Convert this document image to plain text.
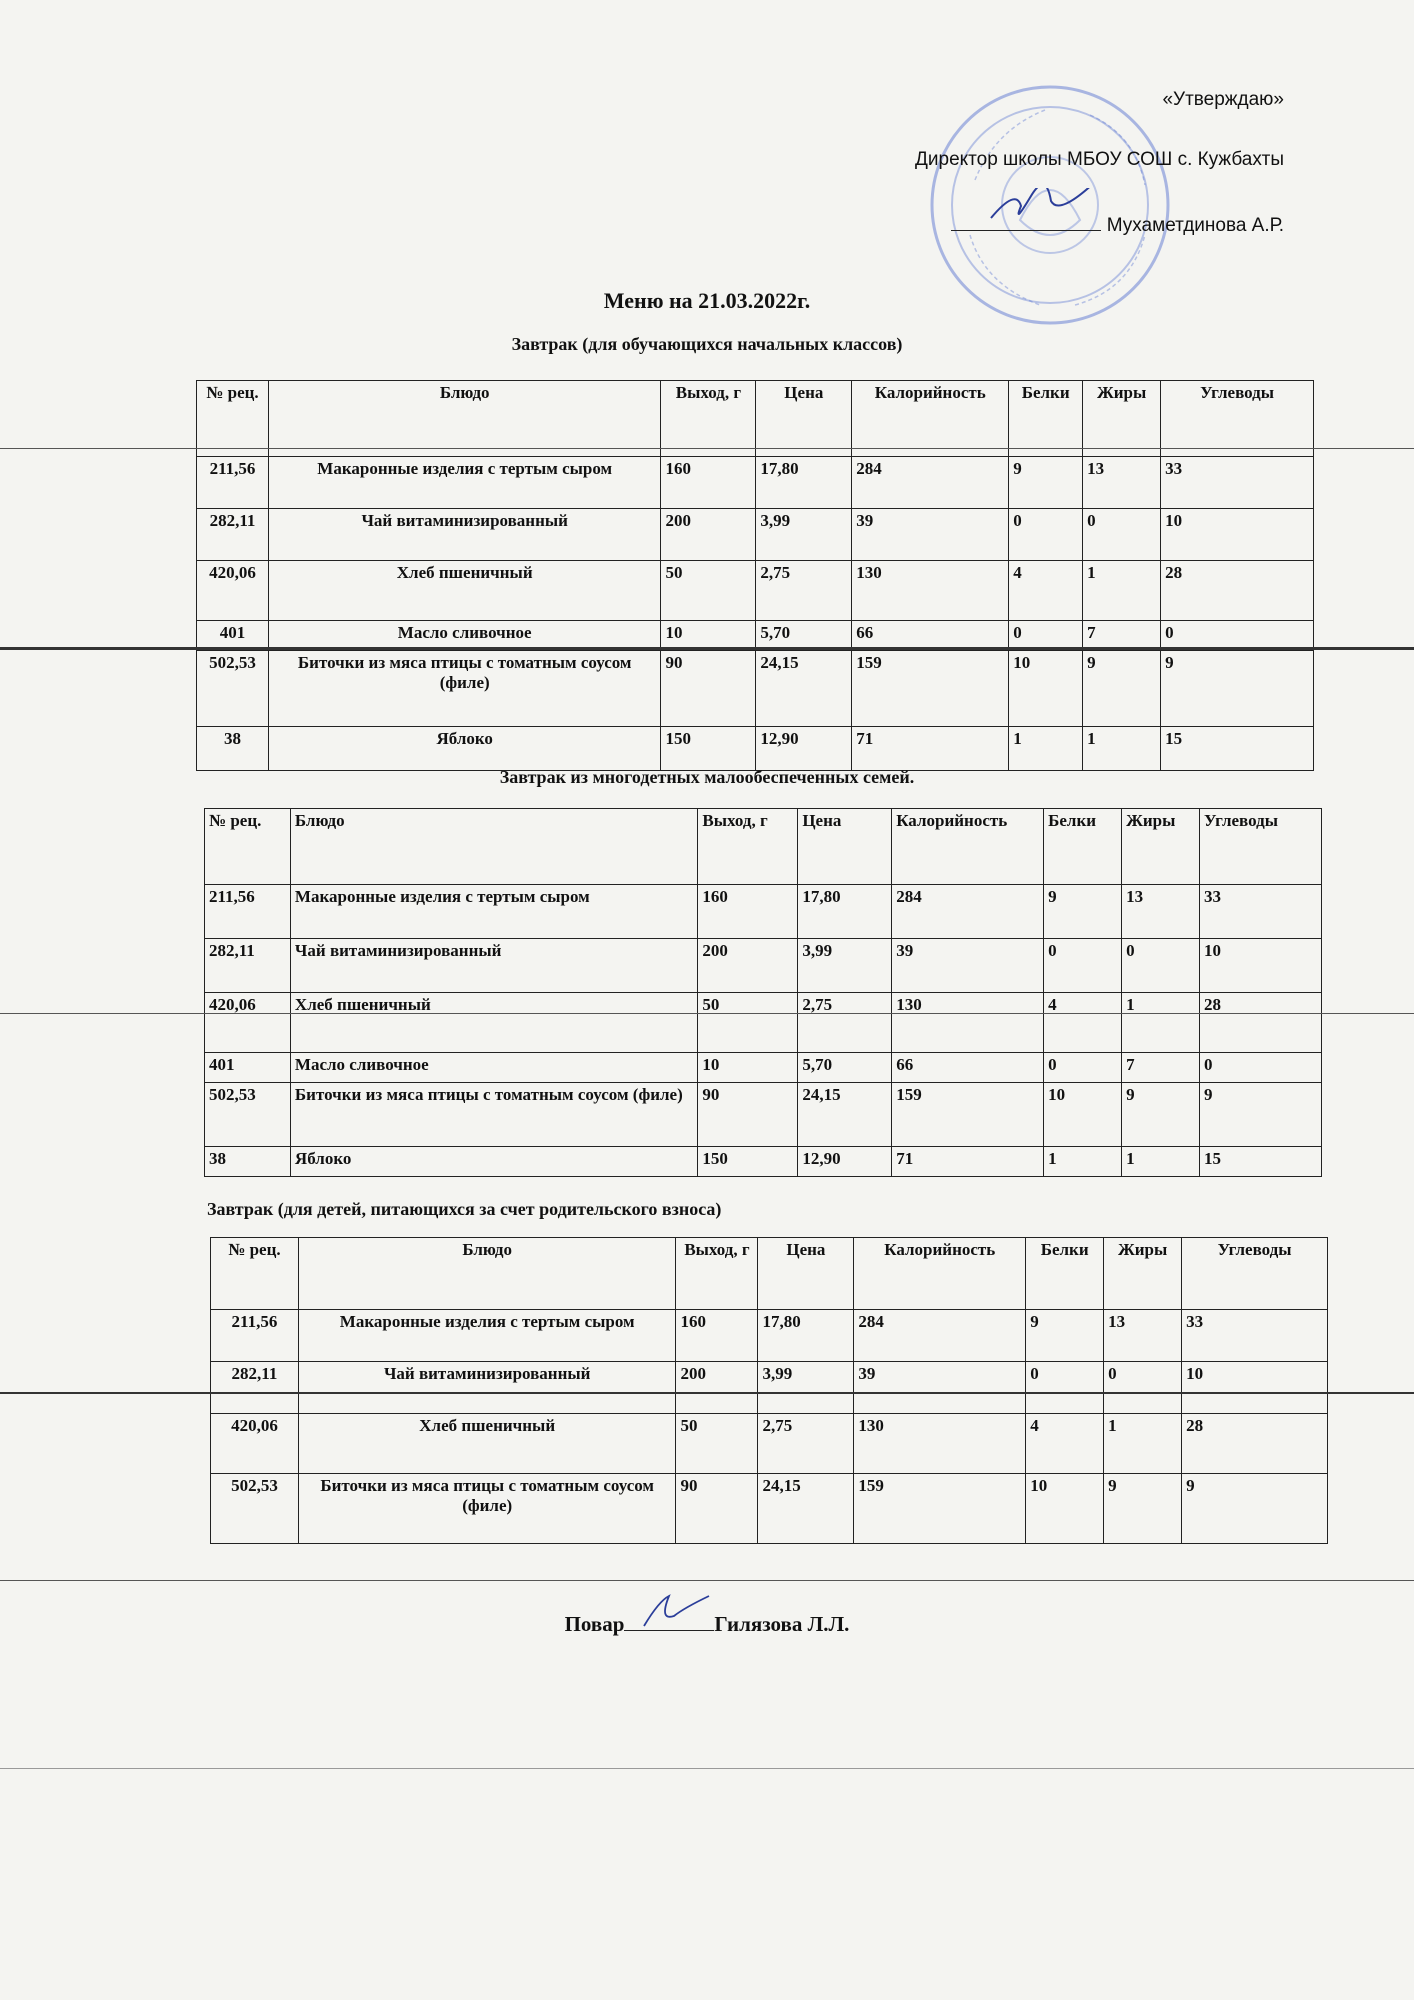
«Утверждаю»
Директор школы МБОУ СОШ с. Кужбахты
Мухаметдинова А.Р.
Меню на 21.03.2022г.
Завтрак (для обучающихся начальных классов)
№ рец.	Блюдо	Выход, г	Цена	Калорийность	Белки	Жиры	Углеводы
211,56	Макаронные изделия с тертым сыром	160	17,80	284	9	13	33
282,11	Чай витаминизированный	200	3,99	39	0	0	10
420,06	Хлеб пшеничный	50	2,75	130	4	1	28
401	Масло сливочное	10	5,70	66	0	7	0
502,53	Биточки из мяса птицы с томатным соусом (филе)	90	24,15	159	10	9	9
38	Яблоко	150	12,90	71	1	1	15
Завтрак из многодетных малообеспеченных семей.
№ рец.	Блюдо	Выход, г	Цена	Калорийность	Белки	Жиры	Углеводы
211,56	Макаронные изделия с тертым сыром	160	17,80	284	9	13	33
282,11	Чай витаминизированный	200	3,99	39	0	0	10
420,06	Хлеб пшеничный	50	2,75	130	4	1	28
401	Масло сливочное	10	5,70	66	0	7	0
502,53	Биточки из мяса птицы с томатным соусом (филе)	90	24,15	159	10	9	9
38	Яблоко	150	12,90	71	1	1	15
Завтрак (для детей, питающихся за счет родительского взноса)
№ рец.	Блюдо	Выход, г	Цена	Калорийность	Белки	Жиры	Углеводы
211,56	Макаронные изделия с тертым сыром	160	17,80	284	9	13	33
282,11	Чай витаминизированный	200	3,99	39	0	0	10
420,06	Хлеб пшеничный	50	2,75	130	4	1	28
502,53	Биточки из мяса птицы с томатным соусом (филе)	90	24,15	159	10	9	9
Повар	Гилязова Л.Л.
